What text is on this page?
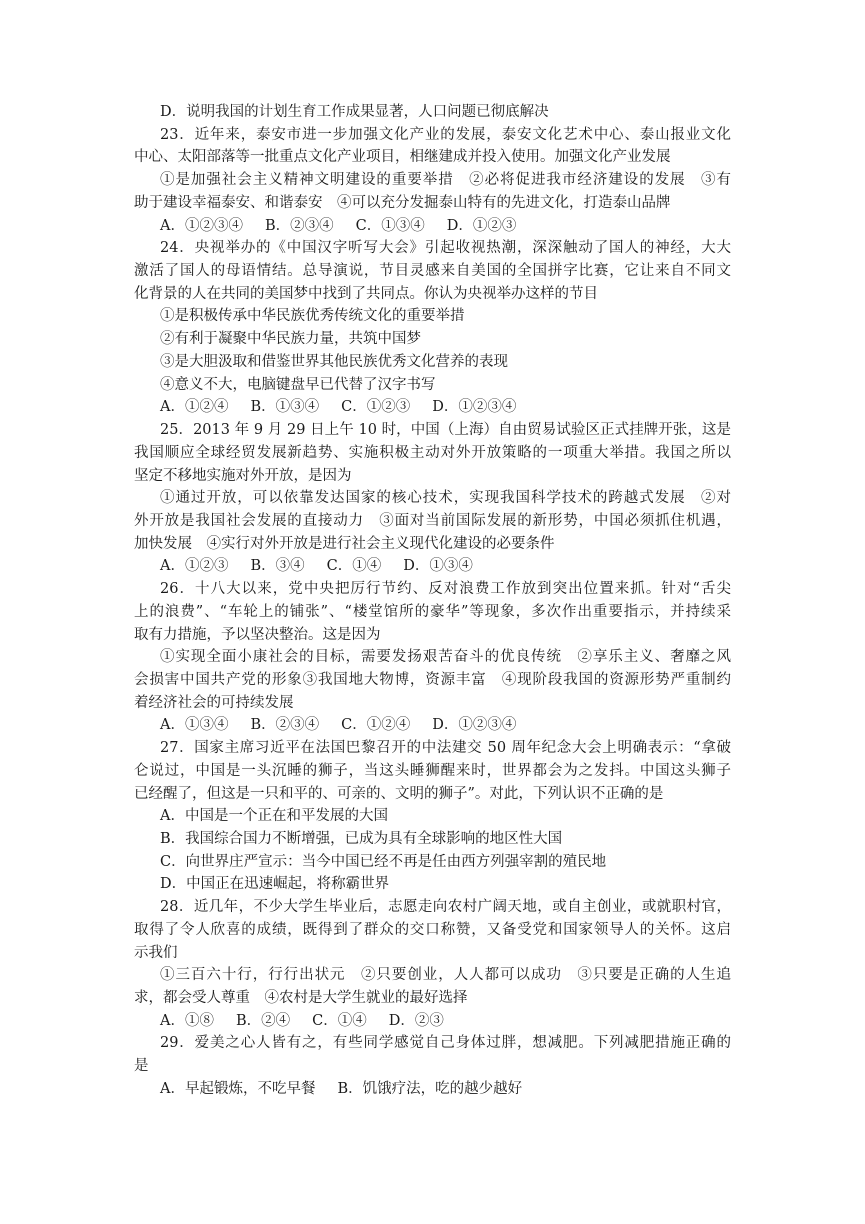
D．说明我国的计划生育工作成果显著，人口问题已彻底解决
23．近年来，泰安市进一步加强文化产业的发展，泰安文化艺术中心、泰山报业文化
中心、太阳部落等一批重点文化产业项目，相继建成并投入使用。加强文化产业发展
①是加强社会主义精神文明建设的重要举措　②必将促进我市经济建设的发展　③有
助于建设幸福泰安、和谐泰安　④可以充分发掘泰山特有的先进文化，打造泰山品牌
A．①②③④ B．②③④ C．①③④ D．①②③
24．央视举办的《中国汉字听写大会》引起收视热潮，深深触动了国人的神经，大大
激活了国人的母语情结。总导演说，节目灵感来自美国的全国拼字比赛，它让来自不同文
化背景的人在共同的美国梦中找到了共同点。你认为央视举办这样的节目
①是积极传承中华民族优秀传统文化的重要举措
②有利于凝聚中华民族力量，共筑中国梦
③是大胆汲取和借鉴世界其他民族优秀文化营养的表现
④意义不大，电脑键盘早已代替了汉字书写
A．①②④ B．①③④ C．①②③ D．①②③④
25．2013 年 9 月 29 日上午 10 时，中国（上海）自由贸易试验区正式挂牌开张，这是
我国顺应全球经贸发展新趋势、实施积极主动对外开放策略的一项重大举措。我国之所以
坚定不移地实施对外开放，是因为
①通过开放，可以依靠发达国家的核心技术，实现我国科学技术的跨越式发展　②对
外开放是我国社会发展的直接动力　③面对当前国际发展的新形势，中国必须抓住机遇，
加快发展　④实行对外开放是进行社会主义现代化建设的必要条件
A．①②③ B．③④ C．①④ D．①③④
26．十八大以来，党中央把厉行节约、反对浪费工作放到突出位置来抓。针对“舌尖
上的浪费”、“车轮上的铺张”、“楼堂馆所的豪华”等现象，多次作出重要指示，并持续采
取有力措施，予以坚决整治。这是因为
①实现全面小康社会的目标，需要发扬艰苦奋斗的优良传统　②享乐主义、奢靡之风
会损害中国共产党的形象③我国地大物博，资源丰富　④现阶段我国的资源形势严重制约
着经济社会的可持续发展
A．①③④ B．②③④ C．①②④ D．①②③④
27．国家主席习近平在法国巴黎召开的中法建交 50 周年纪念大会上明确表示：“拿破
仑说过，中国是一头沉睡的狮子，当这头睡狮醒来时，世界都会为之发抖。中国这头狮子
已经醒了，但这是一只和平的、可亲的、文明的狮子”。对此，下列认识不正确的是
A．中国是一个正在和平发展的大国
B．我国综合国力不断增强，已成为具有全球影响的地区性大国
C．向世界庄严宣示：当今中国已经不再是任由西方列强宰割的殖民地
D．中国正在迅速崛起，将称霸世界
28．近几年，不少大学生毕业后，志愿走向农村广阔天地，或自主创业，或就职村官，
取得了令人欣喜的成绩，既得到了群众的交口称赞，又备受党和国家领导人的关怀。这启
示我们
①三百六十行，行行出状元　②只要创业，人人都可以成功　③只要是正确的人生追
求，都会受人尊重　④农村是大学生就业的最好选择
A．①⑧ B．②④ C．①④ D．②③
29．爱美之心人皆有之，有些同学感觉自己身体过胖，想减肥。下列减肥措施正确的
是
A．早起锻炼，不吃早餐 B．饥饿疗法，吃的越少越好
